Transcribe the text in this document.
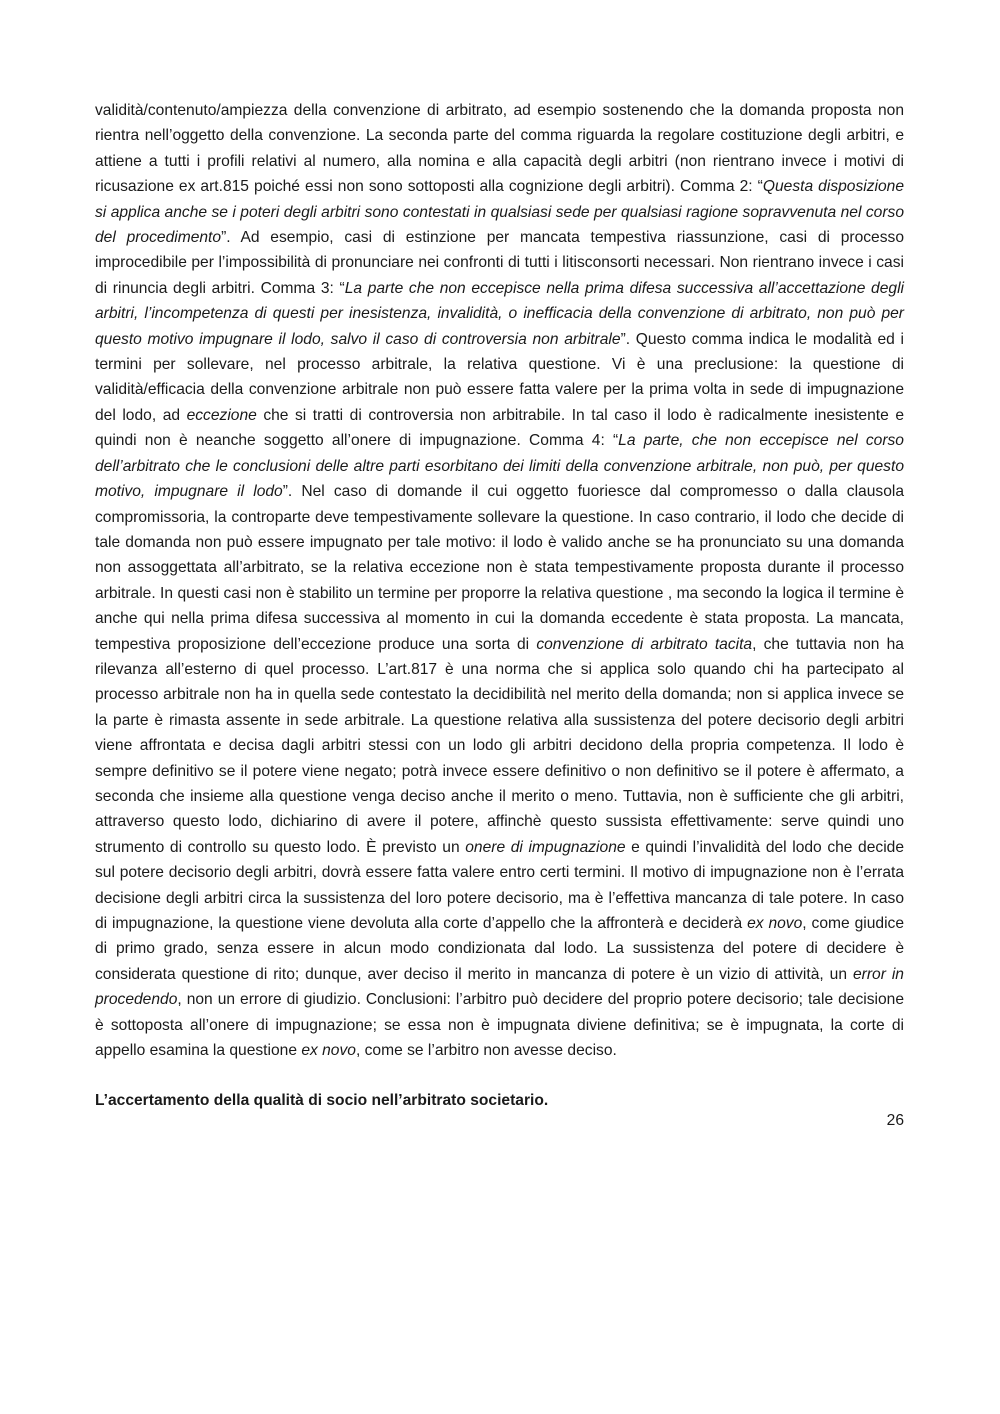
validità/contenuto/ampiezza della convenzione di arbitrato, ad esempio sostenendo che la domanda proposta non rientra nell’oggetto della convenzione. La seconda parte del comma riguarda la regolare costituzione degli arbitri, e attiene a tutti i profili relativi al numero, alla nomina e alla capacità degli arbitri (non rientrano invece i motivi di ricusazione ex art.815 poiché essi non sono sottoposti alla cognizione degli arbitri). Comma 2: “Questa disposizione si applica anche se i poteri degli arbitri sono contestati in qualsiasi sede per qualsiasi ragione sopravvenuta nel corso del procedimento”. Ad esempio, casi di estinzione per mancata tempestiva riassunzione, casi di processo improcedibile per l’impossibilità di pronunciare nei confronti di tutti i litisconsorti necessari. Non rientrano invece i casi di rinuncia degli arbitri. Comma 3: “La parte che non eccepisce nella prima difesa successiva all’accettazione degli arbitri, l’incompetenza di questi per inesistenza, invalidità, o inefficacia della convenzione di arbitrato, non può per questo motivo impugnare il lodo, salvo il caso di controversia non arbitrale”. Questo comma indica le modalità ed i termini per sollevare, nel processo arbitrale, la relativa questione. Vi è una preclusione: la questione di validità/efficacia della convenzione arbitrale non può essere fatta valere per la prima volta in sede di impugnazione del lodo, ad eccezione che si tratti di controversia non arbitrabile. In tal caso il lodo è radicalmente inesistente e quindi non è neanche soggetto all’onere di impugnazione. Comma 4: “La parte, che non eccepisce nel corso dell’arbitrato che le conclusioni delle altre parti esorbitano dei limiti della convenzione arbitrale, non può, per questo motivo, impugnare il lodo”. Nel caso di domande il cui oggetto fuoriesce dal compromesso o dalla clausola compromissoria, la controparte deve tempestivamente sollevare la questione. In caso contrario, il lodo che decide di tale domanda non può essere impugnato per tale motivo: il lodo è valido anche se ha pronunciato su una domanda non assoggettata all’arbitrato, se la relativa eccezione non è stata tempestivamente proposta durante il processo arbitrale. In questi casi non è stabilito un termine per proporre la relativa questione , ma secondo la logica il termine è anche qui nella prima difesa successiva al momento in cui la domanda eccedente è stata proposta. La mancata, tempestiva proposizione dell’eccezione produce una sorta di convenzione di arbitrato tacita, che tuttavia non ha rilevanza all’esterno di quel processo. L’art.817 è una norma che si applica solo quando chi ha partecipato al processo arbitrale non ha in quella sede contestato la decidibilità nel merito della domanda; non si applica invece se la parte è rimasta assente in sede arbitrale. La questione relativa alla sussistenza del potere decisorio degli arbitri viene affrontata e decisa dagli arbitri stessi con un lodo gli arbitri decidono della propria competenza. Il lodo è sempre definitivo se il potere viene negato; potrà invece essere definitivo o non definitivo se il potere è affermato, a seconda che insieme alla questione venga deciso anche il merito o meno. Tuttavia, non è sufficiente che gli arbitri, attraverso questo lodo, dichiarino di avere il potere, affinchè questo sussista effettivamente: serve quindi uno strumento di controllo su questo lodo. È previsto un onere di impugnazione e quindi l’invalidità del lodo che decide sul potere decisorio degli arbitri, dovrà essere fatta valere entro certi termini. Il motivo di impugnazione non è l’errata decisione degli arbitri circa la sussistenza del loro potere decisorio, ma è l’effettiva mancanza di tale potere. In caso di impugnazione, la questione viene devoluta alla corte d’appello che la affronterà e deciderà ex novo, come giudice di primo grado, senza essere in alcun modo condizionata dal lodo. La sussistenza del potere di decidere è considerata questione di rito; dunque, aver deciso il merito in mancanza di potere è un vizio di attività, un error in procedendo, non un errore di giudizio. Conclusioni: l’arbitro può decidere del proprio potere decisorio; tale decisione è sottoposta all’onere di impugnazione; se essa non è impugnata diviene definitiva; se è impugnata, la corte di appello esamina la questione ex novo, come se l’arbitro non avesse deciso.

L’accertamento della qualità di socio nell’arbitrato societario.

26
